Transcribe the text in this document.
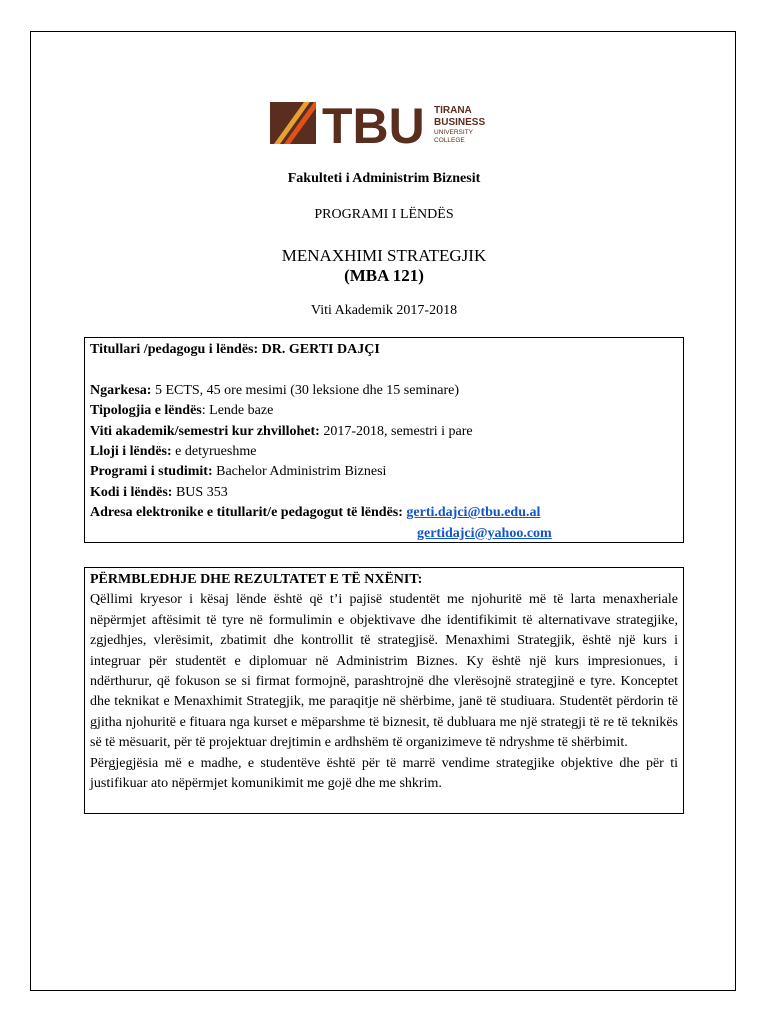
TBU TIRANA
BUSINESS
UNIVERSITY
COLLEGE
Fakulteti i Administrim Biznesit
PROGRAMI I LËNDËS
MENAXHIMI STRATEGJIK
(MBA 121)
Viti Akademik 2017-2018
Titullari /pedagogu i lëndës: DR. GERTI DAJÇI
Ngarkesa: 5 ECTS, 45 ore mesimi (30 leksione dhe 15 seminare)
Tipologjia e lëndës: Lende baze
Viti akademik/semestri kur zhvillohet: 2017-2018, semestri i pare
Lloji i lëndës: e detyrueshme
Programi i studimit: Bachelor Administrim Biznesi
Kodi i lëndës: BUS 353
Adresa elektronike e titullarit/e pedagogut të lëndës: gerti.dajci@tbu.edu.al
gertidajci@yahoo.com
PËRMBLEDHJE DHE REZULTATET E TË NXËNIT:

Qëllimi kryesor i kësaj lënde është që t’i pajisë studentët me njohuritë më të larta menaxheriale nëpërmjet aftësimit të tyre në formulimin e objektivave dhe identifikimit të alternativave strategjike, zgjedhjes, vlerësimit, zbatimit dhe kontrollit të strategjisë. Menaxhimi Strategjik, është një kurs i integruar për studentët e diplomuar në Administrim Biznes. Ky është një kurs impresionues, i ndërthurur, që fokuson se si firmat formojnë, parashtrojnë dhe vlerësojnë strategjinë e tyre. Konceptet dhe teknikat e Menaxhimit Strategjik, me paraqitje në shërbime, janë të studiuara. Studentët përdorin të gjitha njohuritë e fituara nga kurset e mëparshme të biznesit, të dubluara me një strategji të re të teknikës së të mësuarit, për të projektuar drejtimin e ardhshëm të organizimeve të ndryshme të shërbimit.

Përgjegjësia më e madhe, e studentëve është për të marrë vendime strategjike objektive dhe për ti justifikuar ato nëpërmjet komunikimit me gojë dhe me shkrim.
